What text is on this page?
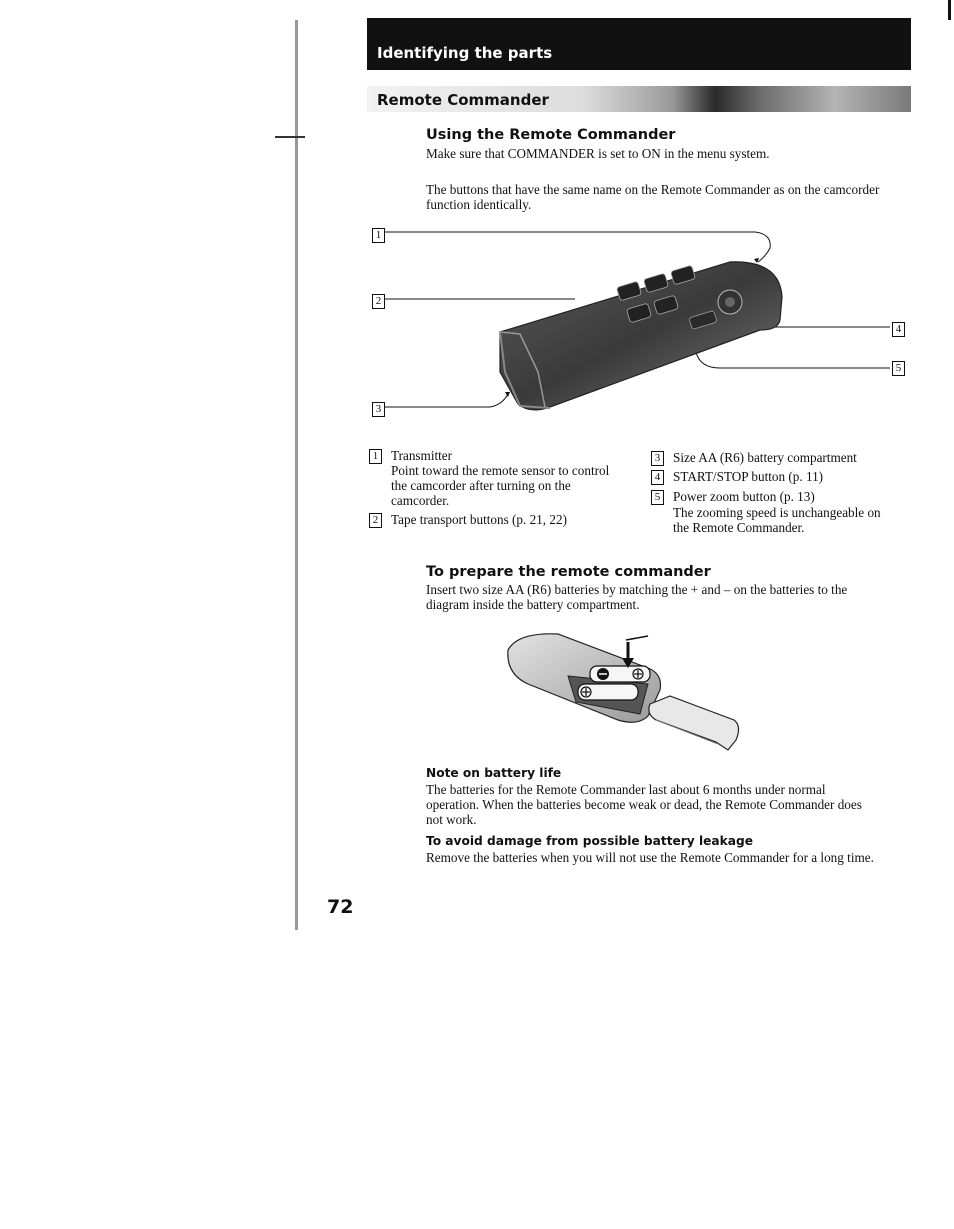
Identifying the parts
Remote Commander
Using the Remote Commander
Make sure that COMMANDER is set to ON in the menu system.
The buttons that have the same name on the Remote Commander as on the camcorder
function identically.
1
2
3
4
5
1 Transmitter
Point toward the remote sensor to control
the camcorder after turning on the
camcorder.
2 Tape transport buttons (p. 21, 22)
3 Size AA (R6) battery compartment
4 START/STOP button (p. 11)
5 Power zoom button (p. 13)
The zooming speed is unchangeable on
the Remote Commander.
To prepare the remote commander
Insert two size AA (R6) batteries by matching the + and – on the batteries to the
diagram inside the battery compartment.
Note on battery life
The batteries for the Remote Commander last about 6 months under normal
operation. When the batteries become weak or dead, the Remote Commander does
not work.
To avoid damage from possible battery leakage
Remove the batteries when you will not use the Remote Commander for a long time.
72
